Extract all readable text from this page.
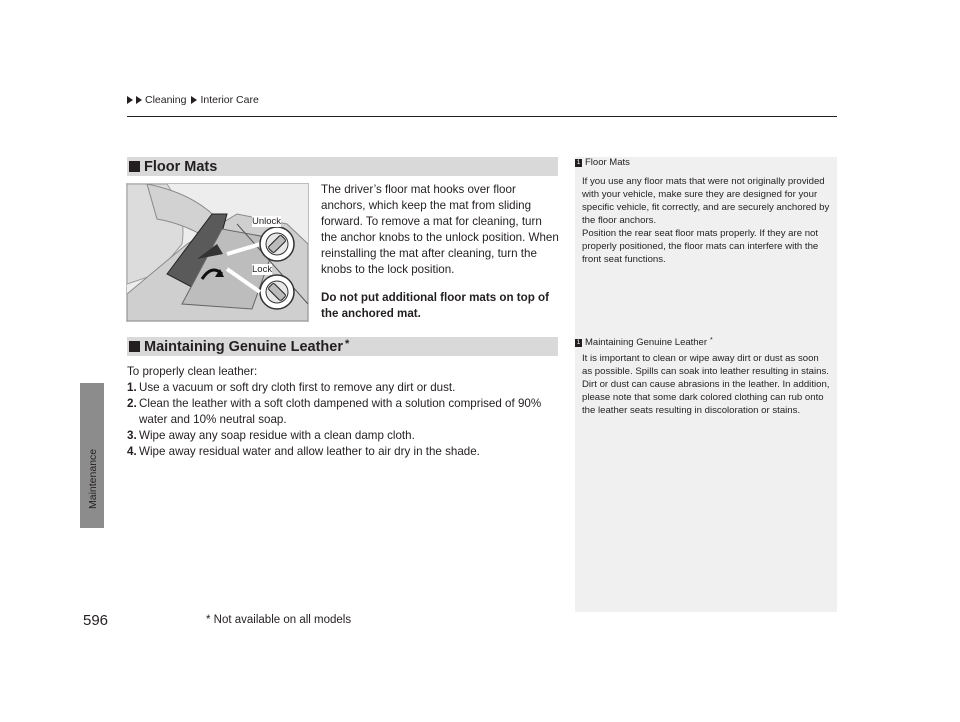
Cleaning Interior Care
Maintenance
1 Floor Mats
If you use any floor mats that were not originally provided with your vehicle, make sure they are designed for your specific vehicle, fit correctly, and are securely anchored by the floor anchors.
Position the rear seat floor mats properly. If they are not properly positioned, the floor mats can interfere with the front seat functions.
1 Maintaining Genuine Leather *
It is important to clean or wipe away dirt or dust as soon as possible. Spills can soak into leather resulting in stains. Dirt or dust can cause abrasions in the leather. In addition, please note that some dark colored clothing can rub onto the leather seats resulting in discoloration or stains.
Floor Mats
Unlock
Lock
The driver’s floor mat hooks over floor anchors, which keep the mat from sliding forward. To remove a mat for cleaning, turn the anchor knobs to the unlock position. When reinstalling the mat after cleaning, turn the knobs to the lock position.
Do not put additional floor mats on top of the anchored mat.
Maintaining Genuine Leather *
To properly clean leather:
1. Use a vacuum or soft dry cloth first to remove any dirt or dust.
2. Clean the leather with a soft cloth dampened with a solution comprised of 90% water and 10% neutral soap.
3. Wipe away any soap residue with a clean damp cloth.
4. Wipe away residual water and allow leather to air dry in the shade.
596	* Not available on all models
